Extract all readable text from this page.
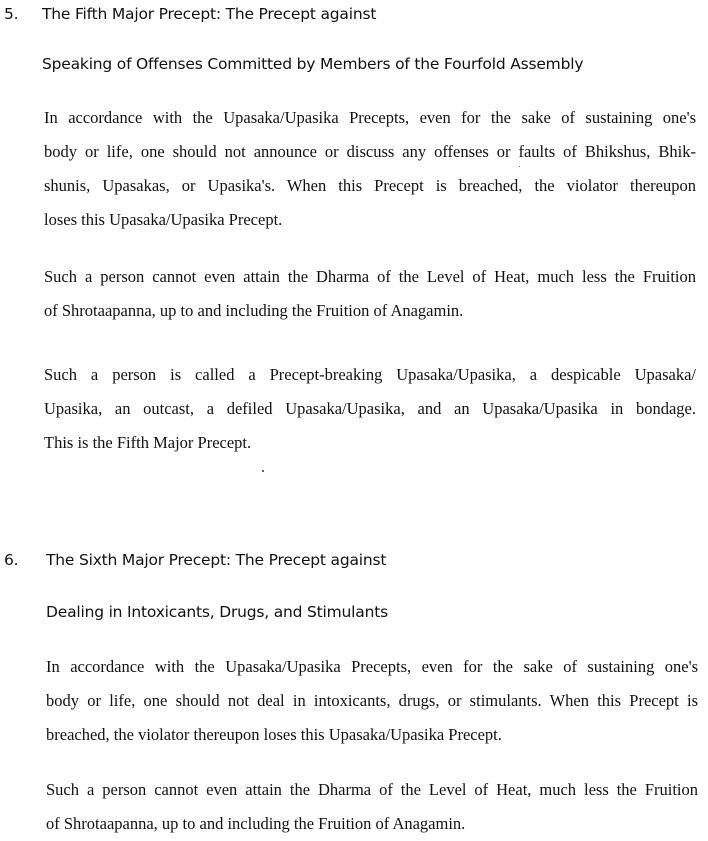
5. The Fifth Major Precept: The Precept against
Speaking of Offenses Committed by Members of the Fourfold Assembly

In accordance with the Upasaka/Upasika Precepts, even for the sake of sustaining one's
body or life, one should not announce or discuss any offenses or faults of Bhikshus, Bhik-
shunis, Upasakas, or Upasika's. When this Precept is breached, the violator thereupon
loses this Upasaka/Upasika Precept.

Such a person cannot even attain the Dharma of the Level of Heat, much less the Fruition
of Shrotaapanna, up to and including the Fruition of Anagamin.

Such a person is called a Precept-breaking Upasaka/Upasika, a despicable Upasaka/
Upasika, an outcast, a defiled Upasaka/Upasika, and an Upasaka/Upasika in bondage.
This is the Fifth Major Precept.

6. The Sixth Major Precept: The Precept against
Dealing in Intoxicants, Drugs, and Stimulants

In accordance with the Upasaka/Upasika Precepts, even for the sake of sustaining one's
body or life, one should not deal in intoxicants, drugs, or stimulants. When this Precept is
breached, the violator thereupon loses this Upasaka/Upasika Precept.

Such a person cannot even attain the Dharma of the Level of Heat, much less the Fruition
of Shrotaapanna, up to and including the Fruition of Anagamin.
